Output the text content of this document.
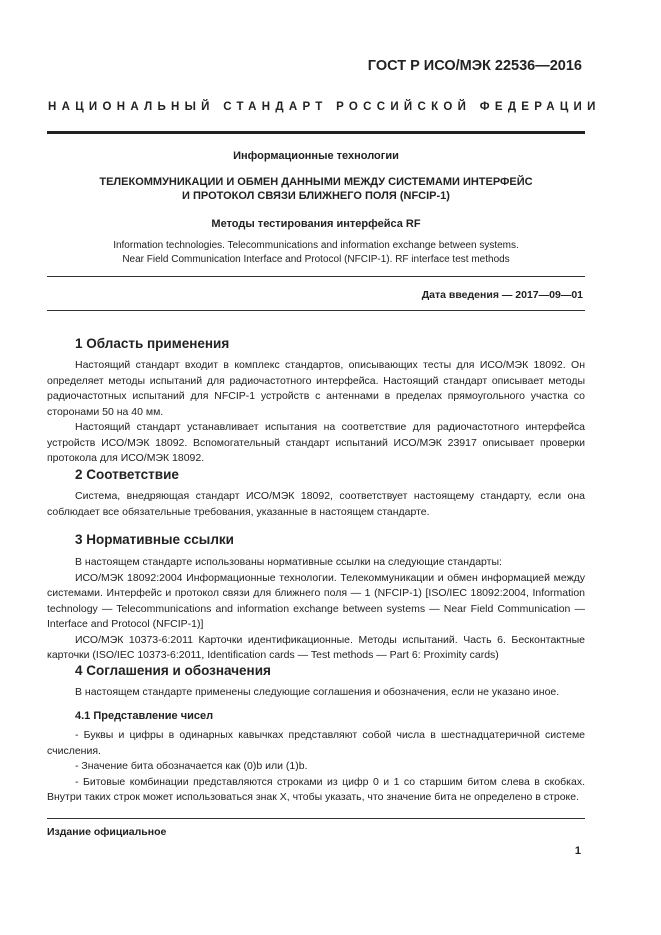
ГОСТ Р ИСО/МЭК 22536—2016
НАЦИОНАЛЬНЫЙ СТАНДАРТ РОССИЙСКОЙ ФЕДЕРАЦИИ
Информационные технологии
ТЕЛЕКОММУНИКАЦИИ И ОБМЕН ДАННЫМИ МЕЖДУ СИСТЕМАМИ ИНТЕРФЕЙС
И ПРОТОКОЛ СВЯЗИ БЛИЖНЕГО ПОЛЯ (NFCIP-1)
Методы тестирования интерфейса RF
Information technologies. Telecommunications and information exchange between systems.
Near Field Communication Interface and Protocol (NFCIP-1). RF interface test methods
Дата введения — 2017—09—01
1 Область применения
Настоящий стандарт входит в комплекс стандартов, описывающих тесты для ИСО/МЭК 18092. Он определяет методы испытаний для радиочастотного интерфейса. Настоящий стандарт описывает методы радиочастотных испытаний для NFCIP-1 устройств с антеннами в пределах прямоугольного участка со сторонами 50 на 40 мм.
Настоящий стандарт устанавливает испытания на соответствие для радиочастотного интерфейса устройств ИСО/МЭК 18092. Вспомогательный стандарт испытаний ИСО/МЭК 23917 описывает проверки протокола для ИСО/МЭК 18092.
2 Соответствие
Система, внедряющая стандарт ИСО/МЭК 18092, соответствует настоящему стандарту, если она соблюдает все обязательные требования, указанные в настоящем стандарте.
3 Нормативные ссылки
В настоящем стандарте использованы нормативные ссылки на следующие стандарты:
ИСО/МЭК 18092:2004 Информационные технологии. Телекоммуникации и обмен информацией между системами. Интерфейс и протокол связи для ближнего поля — 1 (NFCIP-1) [ISO/IEC 18092:2004, Information technology — Telecommunications and information exchange between systems — Near Field Communication — Interface and Protocol (NFCIP-1)]
ИСО/МЭК 10373-6:2011 Карточки идентификационные. Методы испытаний. Часть 6. Бесконтактные карточки (ISO/IEC 10373-6:2011, Identification cards — Test methods — Part 6: Proximity cards)
4 Соглашения и обозначения
В настоящем стандарте применены следующие соглашения и обозначения, если не указано иное.
4.1 Представление чисел
- Буквы и цифры в одинарных кавычках представляют собой числа в шестнадцатеричной системе счисления.
- Значение бита обозначается как (0)b или (1)b.
- Битовые комбинации представляются строками из цифр 0 и 1 со старшим битом слева в скобках. Внутри таких строк может использоваться знак X, чтобы указать, что значение бита не определено в строке.
Издание официальное
1
